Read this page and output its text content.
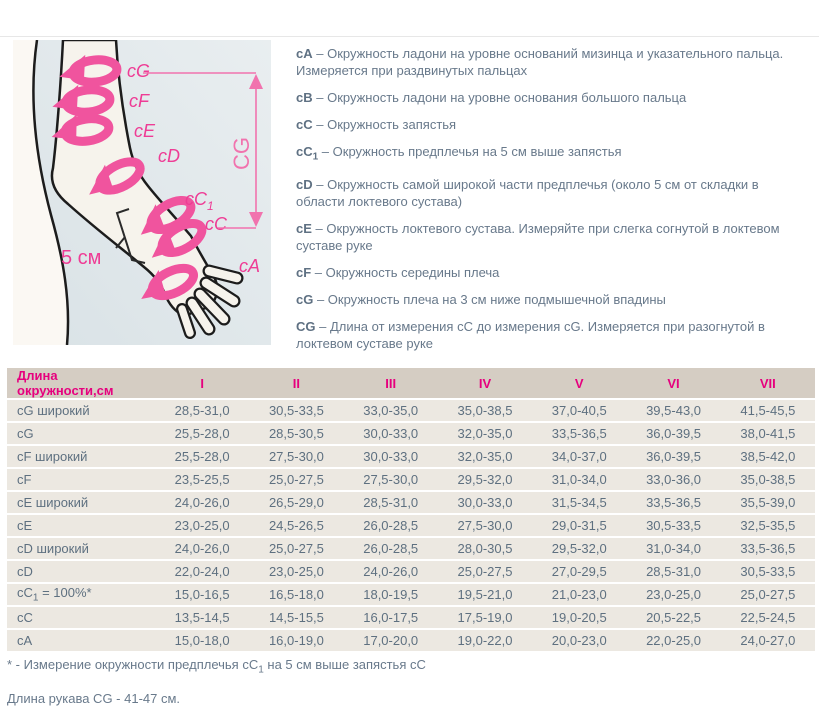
cG
cF
cE
cD
$cC_1$
cC
cA
CG
5 см

cA – Окружность ладони на уровне оснований мизинца и указательного пальца. Измеряется при раздвинутых пальцах

cB – Окружность ладони на уровне основания большого пальца

cC – Окружность запястья

$cC_1$ – Окружность предплечья на 5 см выше запястья

cD – Окружность самой широкой части предплечья (около 5 см от складки в области локтевого сустава)

cE – Окружность локтевого сустава. Измеряйте при слегка согнутой в локтевом суставе руке

cF – Окружность середины плеча

cG – Окружность плеча на 3 см ниже подмышечной впадины

CG – Длина от измерения cC до измерения cG. Измеряется при разогнутой в локтевом суставе руке

Длина окружности,см	I	II	III	IV	V	VI	VII
cG широкий	28,5-31,0	30,5-33,5	33,0-35,0	35,0-38,5	37,0-40,5	39,5-43,0	41,5-45,5
cG	25,5-28,0	28,5-30,5	30,0-33,0	32,0-35,0	33,5-36,5	36,0-39,5	38,0-41,5
cF широкий	25,5-28,0	27,5-30,0	30,0-33,0	32,0-35,0	34,0-37,0	36,0-39,5	38,5-42,0
cF	23,5-25,5	25,0-27,5	27,5-30,0	29,5-32,0	31,0-34,0	33,0-36,0	35,0-38,5
cE широкий	24,0-26,0	26,5-29,0	28,5-31,0	30,0-33,0	31,5-34,5	33,5-36,5	35,5-39,0
cE	23,0-25,0	24,5-26,5	26,0-28,5	27,5-30,0	29,0-31,5	30,5-33,5	32,5-35,5
cD широкий	24,0-26,0	25,0-27,5	26,0-28,5	28,0-30,5	29,5-32,0	31,0-34,0	33,5-36,5
cD	22,0-24,0	23,0-25,0	24,0-26,0	25,0-27,5	27,0-29,5	28,5-31,0	30,5-33,5
$cC_1 = 100\%*$	15,0-16,5	16,5-18,0	18,0-19,5	19,5-21,0	21,0-23,0	23,0-25,0	25,0-27,5
cC	13,5-14,5	14,5-15,5	16,0-17,5	17,5-19,0	19,0-20,5	20,5-22,5	22,5-24,5
cA	15,0-18,0	16,0-19,0	17,0-20,0	19,0-22,0	20,0-23,0	22,0-25,0	24,0-27,0

* - Измерение окружности предплечья $cC_1$ на 5 см выше запястья cC

Длина рукава CG - 41-47 см.
